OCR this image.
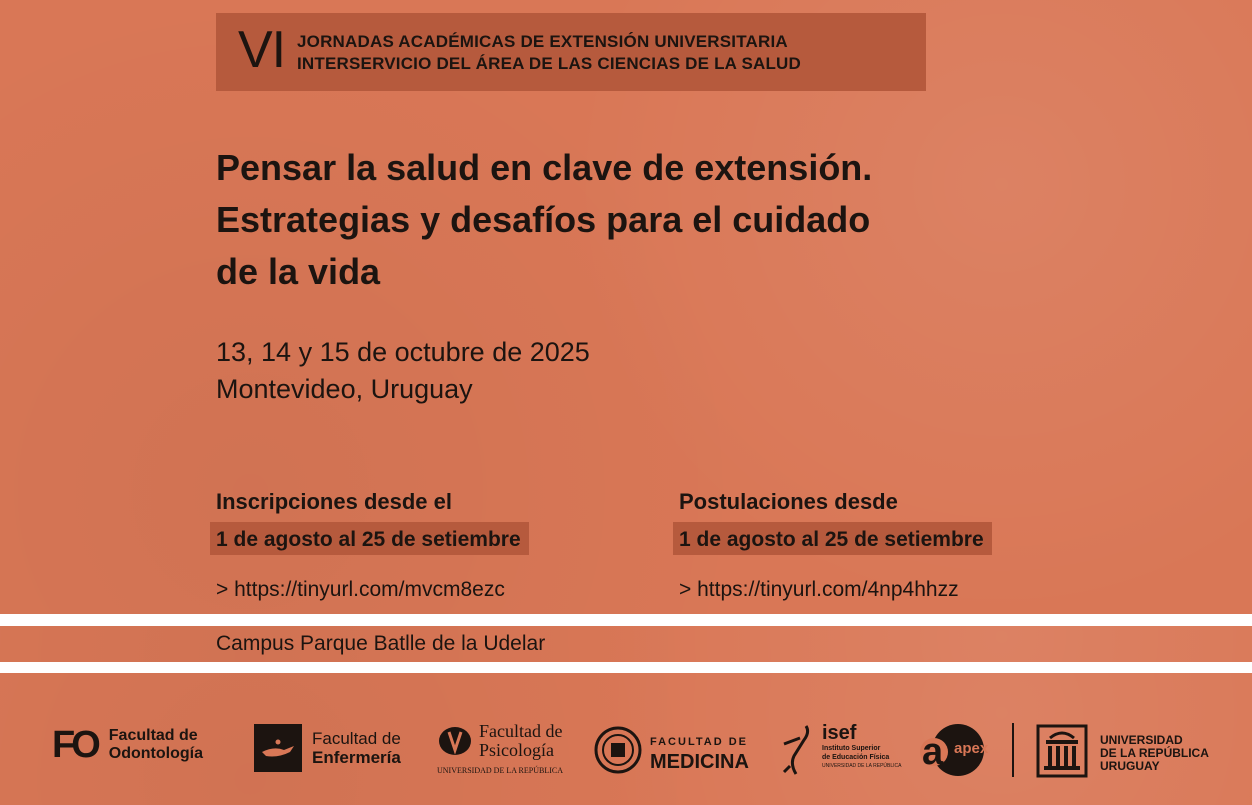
VI JORNADAS ACADÉMICAS DE EXTENSIÓN UNIVERSITARIA
INTERSERVICIO DEL ÁREA DE LAS CIENCIAS DE LA SALUD
Pensar la salud en clave de extensión.
Estrategias y desafíos para el cuidado
de la vida
13, 14 y 15 de octubre de 2025
Montevideo, Uruguay
Inscripciones desde el
1 de agosto al 25 de setiembre
> https://tinyurl.com/mvcm8ezc
Postulaciones desde
1 de agosto al 25 de setiembre
> https://tinyurl.com/4np4hhzz
Campus Parque Batlle de la Udelar
FO Facultad de
Odontología
Facultad de
Enfermería
Facultad de
Psicología
UNIVERSIDAD DE LA REPÚBLICA
FACULTAD DE
MEDICINA
isef
Instituto Superior
de Educación Física
UNIVERSIDAD DE LA REPÚBLICA a apex	UNIVERSIDAD
DE LA REPÚBLICA
URUGUAY
